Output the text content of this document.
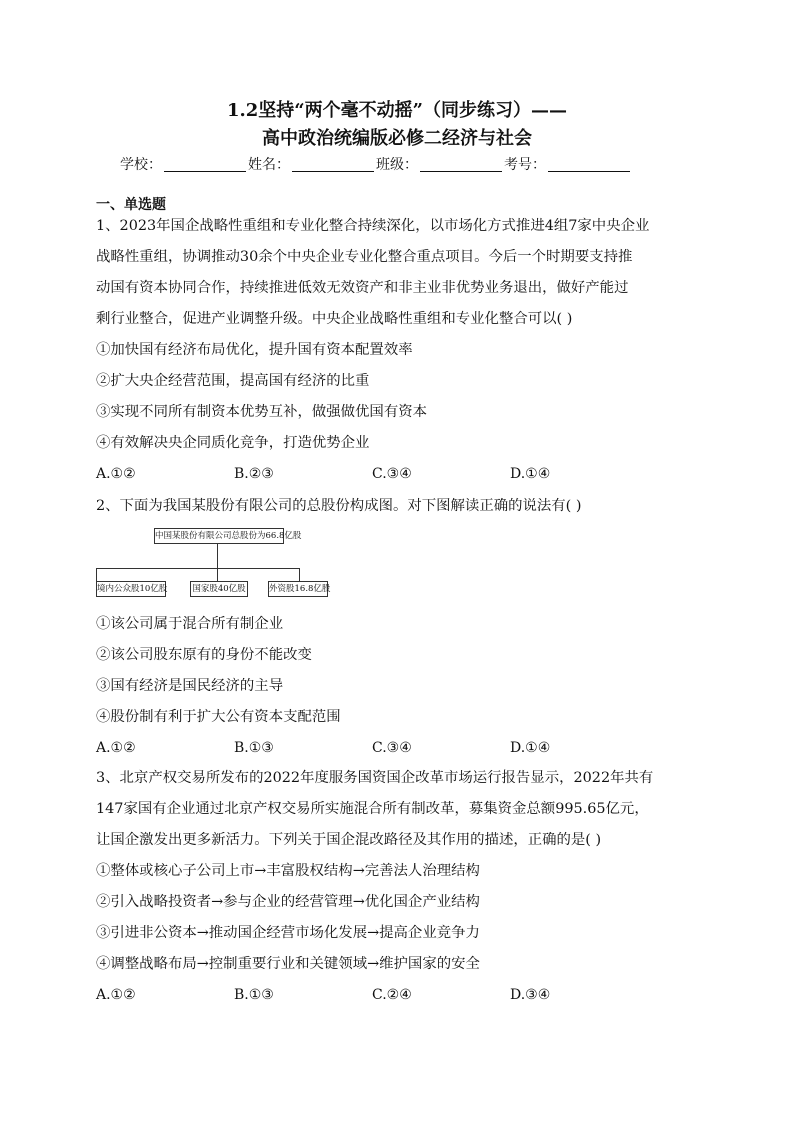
1.2坚持“两个毫不动摇”（同步练习）——
高中政治统编版必修二经济与社会
学校：	姓名：	班级：	考号：
一、单选题
1、2023年国企战略性重组和专业化整合持续深化，以市场化方式推进4组7家中央企业
战略性重组，协调推动30余个中央企业专业化整合重点项目。今后一个时期要支持推
动国有资本协同合作，持续推进低效无效资产和非主业非优势业务退出，做好产能过
剩行业整合，促进产业调整升级。中央企业战略性重组和专业化整合可以( )
①加快国有经济布局优化，提升国有资本配置效率
②扩大央企经营范围，提高国有经济的比重
③实现不同所有制资本优势互补，做强做优国有资本
④有效解决央企同质化竞争，打造优势企业
A.①②	B.②③	C.③④	D.①④
2、下面为我国某股份有限公司的总股份构成图。对下图解读正确的说法有( )
中国某股份有限公司总股份为66.8亿股
境内公众股10亿股	国家股40亿股	外资股16.8亿股
①该公司属于混合所有制企业
②该公司股东原有的身份不能改变
③国有经济是国民经济的主导
④股份制有利于扩大公有资本支配范围
A.①②	B.①③	C.③④	D.①④
3、北京产权交易所发布的2022年度服务国资国企改革市场运行报告显示，2022年共有
147家国有企业通过北京产权交易所实施混合所有制改革，募集资金总额995.65亿元，
让国企激发出更多新活力。下列关于国企混改路径及其作用的描述，正确的是( )
①整体或核心子公司上市→丰富股权结构→完善法人治理结构
②引入战略投资者→参与企业的经营管理→优化国企产业结构
③引进非公资本→推动国企经营市场化发展→提高企业竞争力
④调整战略布局→控制重要行业和关键领域→维护国家的安全
A.①②	B.①③	C.②④	D.③④
